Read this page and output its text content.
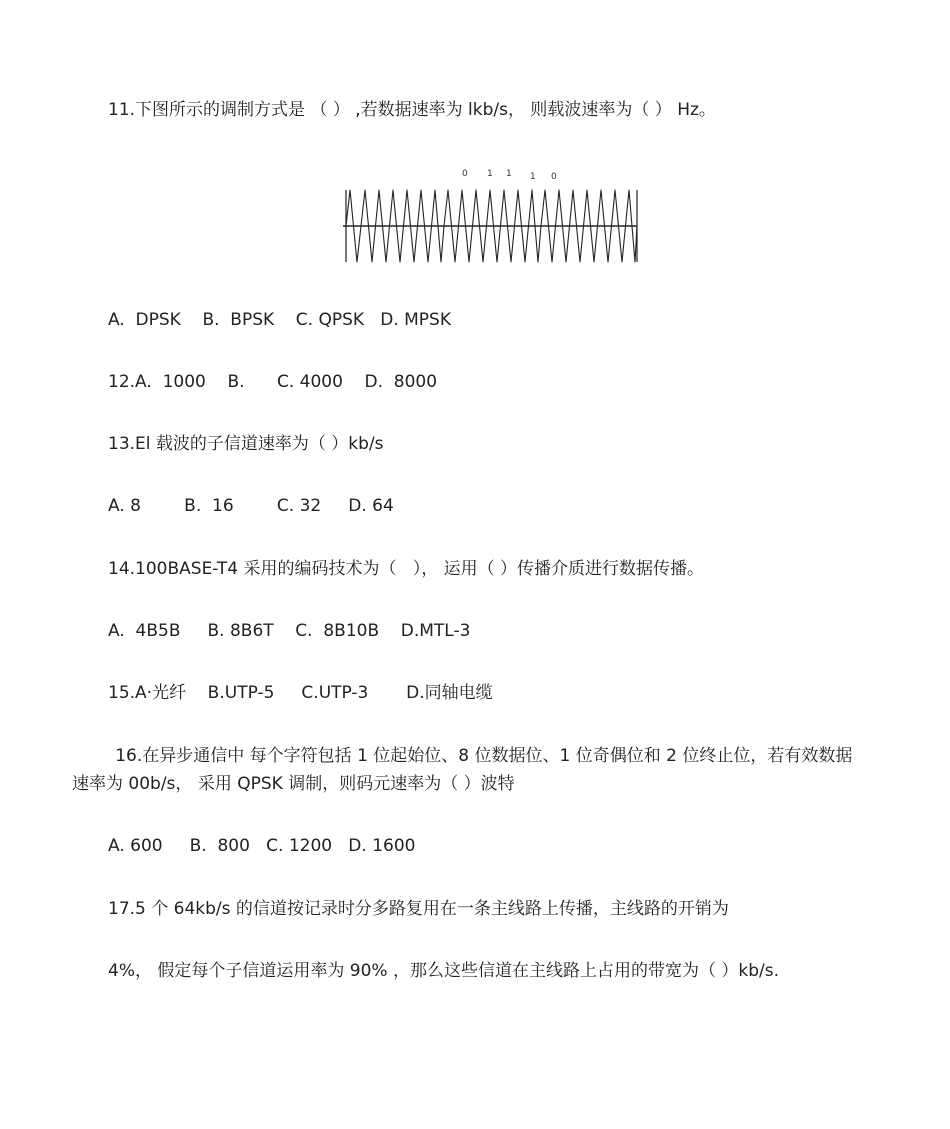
11.下图所示的调制方式是 （ ） ,若数据速率为 lkb/s， 则载波速率为（ ） Hz。
0 1 1 1 0
A.  DPSK    B.  BPSK    C. QPSK   D. MPSK
12.A.  1000    B.      C. 4000    D.  8000
13.El 载波的子信道速率为（ ）kb/s
A. 8        B.  16        C. 32     D. 64
14.100BASE-T4 采用的编码技术为（   ）， 运用（ ）传播介质进行数据传播。
A.  4B5B     B. 8B6T    C.  8B10B    D.MTL-3
15.A·光纤    B.UTP-5     C.UTP-3       D.同轴电缆
16.在异步通信中 每个字符包括 1 位起始位、8 位数据位、1 位奇偶位和 2 位终止位，若有效数据
速率为 00b/s， 采用 QPSK 调制，则码元速率为（ ）波特
A. 600     B.  800   C. 1200   D. 1600
17.5 个 64kb/s 的信道按记录时分多路复用在一条主线路上传播，主线路的开销为
4%， 假定每个子信道运用率为 90% ，那么这些信道在主线路上占用的带宽为（ ）kb/s.
